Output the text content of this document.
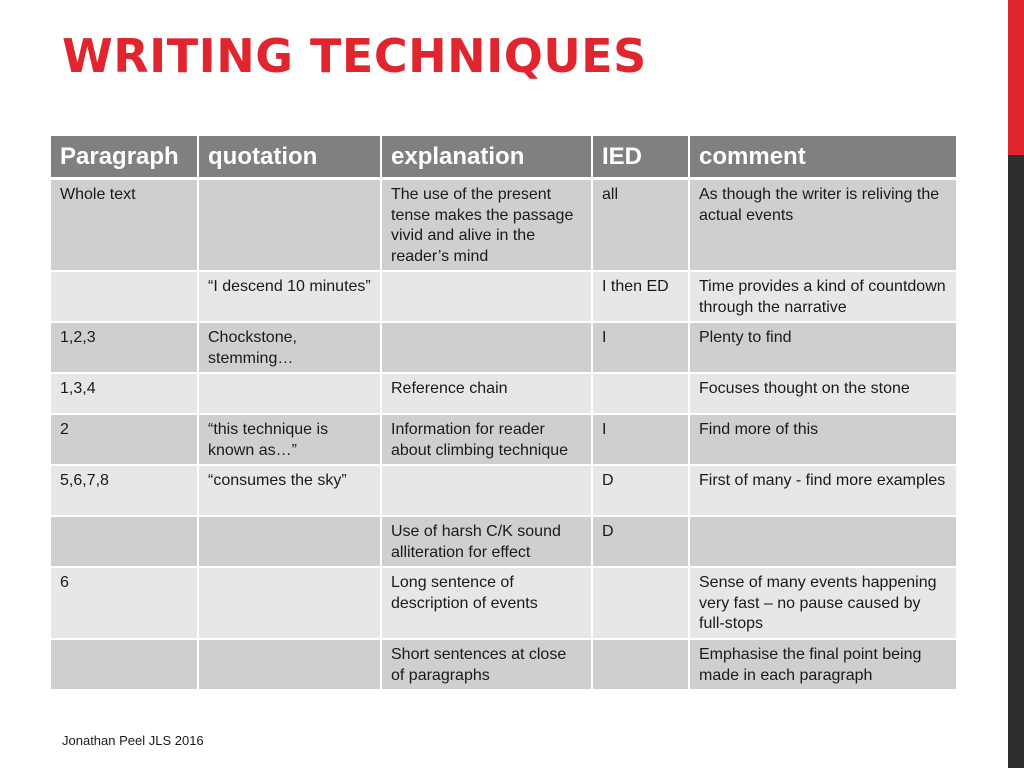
WRITING TECHNIQUES
Paragraph	quotation	explanation	IED	comment
Whole text		The use of the present tense makes the passage vivid and alive in the reader’s mind	all	As though the writer is reliving the actual events
	“I descend 10 minutes”		I then ED	Time provides a kind of countdown through the narrative
1,2,3	Chockstone, stemming…		I	Plenty to find
1,3,4		Reference chain		Focuses thought on the stone
2	“this technique is known as…”	Information for reader about climbing technique	I	Find more of this
5,6,7,8	“consumes the sky”		D	First of many - find more examples
		Use of harsh C/K sound alliteration for effect	D	
6		Long sentence of description of events		Sense of many events happening very fast – no pause caused by full-stops
		Short sentences at close of paragraphs		Emphasise the final point being made in each paragraph
Jonathan Peel JLS 2016
